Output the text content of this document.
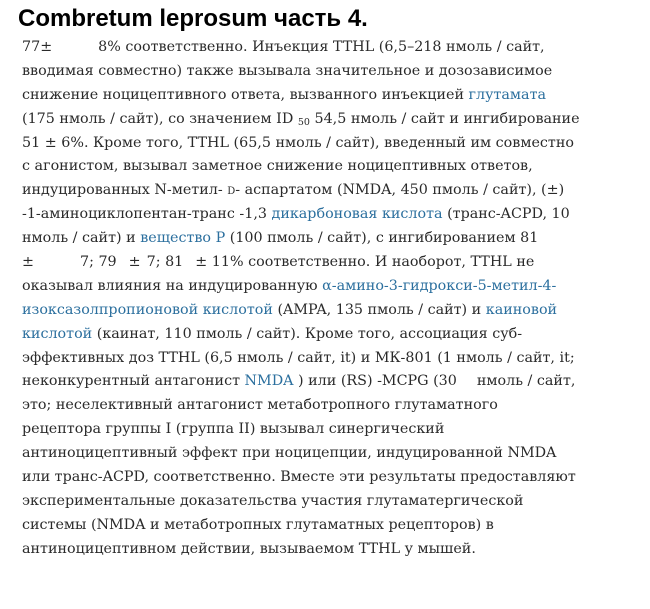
Combretum leprosum часть 4.
77±	8% соответственно. Инъекция TTHL (6,5–218 нмоль / сайт,
вводимая совместно) также вызывала значительное и дозозависимое
снижение ноцицептивного ответа, вызванного инъекцией глутамата
(175 нмоль / сайт), со значением ID $_{50}$ 54,5 нмоль / сайт и ингибирование
51 ± 6%. Кроме того, TTHL (65,5 нмоль / сайт), введенный им совместно
с агонистом, вызывал заметное снижение ноцицептивных ответов,
индуцированных N-метил- D- аспартатом (NMDA, 450 пмоль / сайт), (±)
-1-аминоциклопентан-транс -1,3 дикарбоновая кислота (транс-ACPD, 10
нмоль / сайт) и вещество P (100 пмоль / сайт), с ингибированием 81
±	7; 79 ± 7; 81 ± 11% соответственно. И наоборот, TTHL не
оказывал влияния на индуцированную α-амино-3-гидрокси-5-метил-4-
изоксазолпропионовой кислотой (AMPA, 135 пмоль / сайт) и каиновой
кислотой (каинат, 110 пмоль / сайт). Кроме того, ассоциация суб-
эффективных доз TTHL (6,5 нмоль / сайт, it) и МК-801 (1 нмоль / сайт, it;
неконкурентный антагонист NMDA ) или (RS) -MCPG (30 нмоль / сайт,
это; неселективный антагонист метаботропного глутаматного
рецептора группы I (группа II) вызывал синергический
антиноцицептивный эффект при ноцицепции, индуцированной NMDA
или транс-ACPD, соответственно. Вместе эти результаты предоставляют
экспериментальные доказательства участия глутаматергической
системы (NMDA и метаботропных глутаматных рецепторов) в
антиноцицептивном действии, вызываемом TTHL у мышей.
